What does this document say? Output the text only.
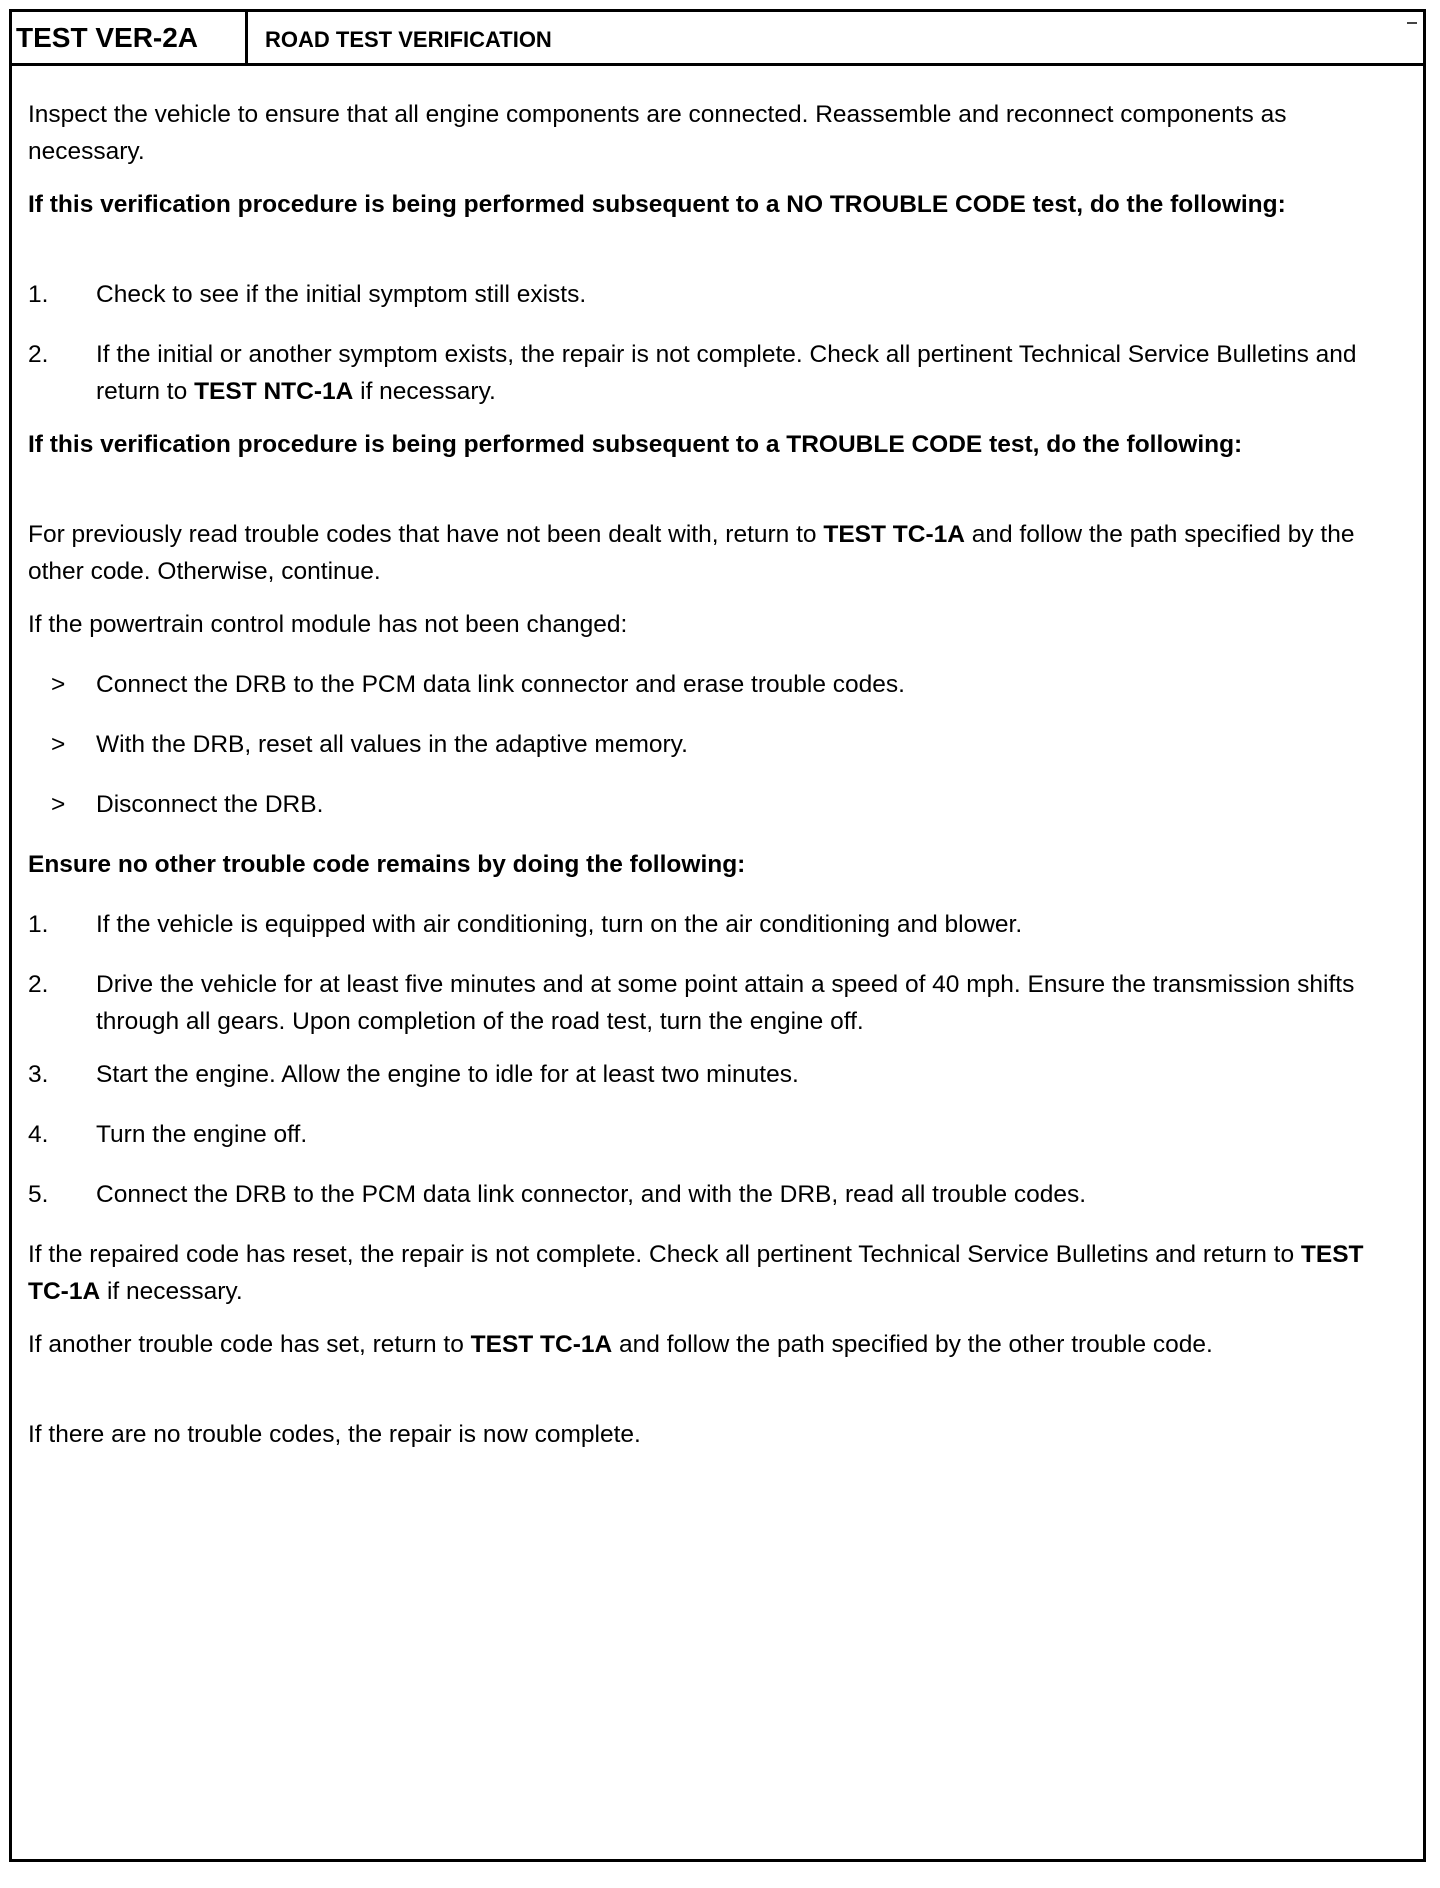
TEST VER-2A	ROAD TEST VERIFICATION

Inspect the vehicle to ensure that all engine components are connected. Reassemble and reconnect components as necessary.

If this verification procedure is being performed subsequent to a NO TROUBLE CODE test, do the following:

1. Check to see if the initial symptom still exists.
2. If the initial or another symptom exists, the repair is not complete. Check all pertinent Technical Service Bulletins and return to TEST NTC-1A if necessary.

If this verification procedure is being performed subsequent to a TROUBLE CODE test, do the following:

For previously read trouble codes that have not been dealt with, return to TEST TC-1A and follow the path specified by the other code. Otherwise, continue.

If the powertrain control module has not been changed:

> Connect the DRB to the PCM data link connector and erase trouble codes.
> With the DRB, reset all values in the adaptive memory.
> Disconnect the DRB.

Ensure no other trouble code remains by doing the following:

1. If the vehicle is equipped with air conditioning, turn on the air conditioning and blower.
2. Drive the vehicle for at least five minutes and at some point attain a speed of 40 mph. Ensure the transmission shifts through all gears. Upon completion of the road test, turn the engine off.
3. Start the engine. Allow the engine to idle for at least two minutes.
4. Turn the engine off.
5. Connect the DRB to the PCM data link connector, and with the DRB, read all trouble codes.

If the repaired code has reset, the repair is not complete. Check all pertinent Technical Service Bulletins and return to TEST TC-1A if necessary.

If another trouble code has set, return to TEST TC-1A and follow the path specified by the other trouble code.

If there are no trouble codes, the repair is now complete.
